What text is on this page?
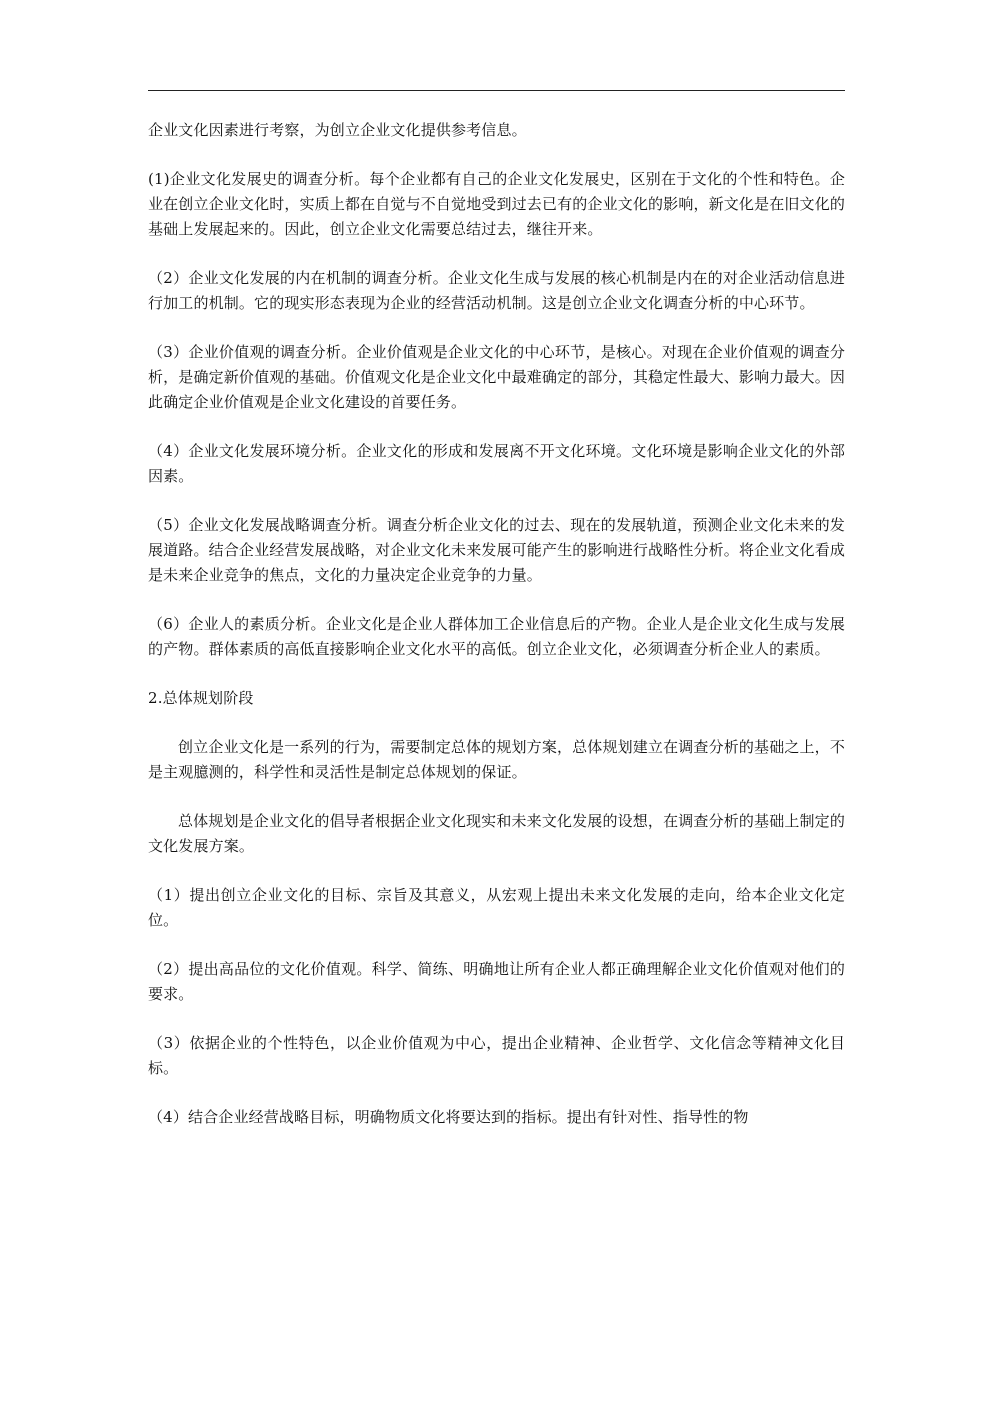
企业文化因素进行考察，为创立企业文化提供参考信息。

(1)企业文化发展史的调查分析。每个企业都有自己的企业文化发展史，区别在于文化的个性和特色。企业在创立企业文化时，实质上都在自觉与不自觉地受到过去已有的企业文化的影响，新文化是在旧文化的基础上发展起来的。因此，创立企业文化需要总结过去，继往开来。

（2）企业文化发展的内在机制的调查分析。企业文化生成与发展的核心机制是内在的对企业活动信息进行加工的机制。它的现实形态表现为企业的经营活动机制。这是创立企业文化调查分析的中心环节。

（3）企业价值观的调查分析。企业价值观是企业文化的中心环节，是核心。对现在企业价值观的调查分析，是确定新价值观的基础。价值观文化是企业文化中最难确定的部分，其稳定性最大、影响力最大。因此确定企业价值观是企业文化建设的首要任务。

（4）企业文化发展环境分析。企业文化的形成和发展离不开文化环境。文化环境是影响企业文化的外部因素。

（5）企业文化发展战略调查分析。调查分析企业文化的过去、现在的发展轨道，预测企业文化未来的发展道路。结合企业经营发展战略，对企业文化未来发展可能产生的影响进行战略性分析。将企业文化看成是未来企业竞争的焦点，文化的力量决定企业竞争的力量。

（6）企业人的素质分析。企业文化是企业人群体加工企业信息后的产物。企业人是企业文化生成与发展的产物。群体素质的高低直接影响企业文化水平的高低。创立企业文化，必须调查分析企业人的素质。

2.总体规划阶段

创立企业文化是一系列的行为，需要制定总体的规划方案，总体规划建立在调查分析的基础之上，不是主观臆测的，科学性和灵活性是制定总体规划的保证。

总体规划是企业文化的倡导者根据企业文化现实和未来文化发展的设想，在调查分析的基础上制定的文化发展方案。

（1）提出创立企业文化的目标、宗旨及其意义，从宏观上提出未来文化发展的走向，给本企业文化定位。

（2）提出高品位的文化价值观。科学、简练、明确地让所有企业人都正确理解企业文化价值观对他们的要求。

（3）依据企业的个性特色，以企业价值观为中心，提出企业精神、企业哲学、文化信念等精神文化目标。

（4）结合企业经营战略目标，明确物质文化将要达到的指标。提出有针对性、指导性的物
